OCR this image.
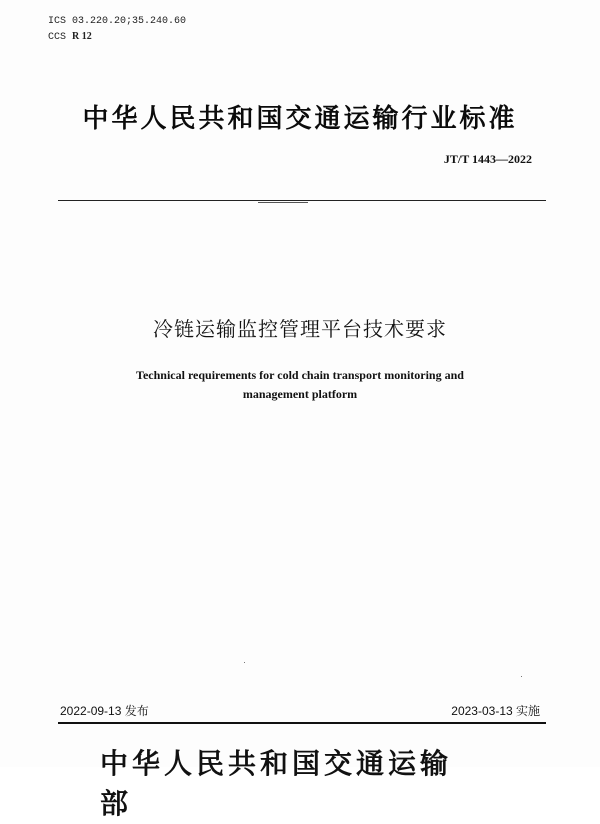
ICS 03.220.20;35.240.60
CCS R 12
中华人民共和国交通运输行业标准
JT/T 1443—2022
冷链运输监控管理平台技术要求
Technical requirements for cold chain transport monitoring and
management platform
2022-09-13 发布	2023-03-13 实施
中华人民共和国交通运输部
